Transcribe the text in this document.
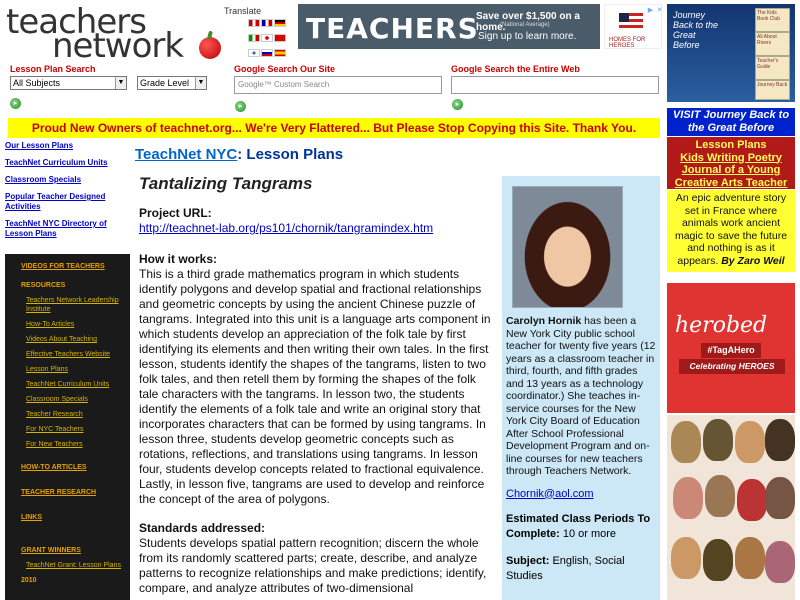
teachers
network
Translate

TEACHERS
Save over $1,500 on a home.
(National Average)
Sign up to learn more.	HOMES FOR HEROES
▶ ✕
Lesson Plan Search
All Subjects	▼	Grade Level	▼
▸
Google Search Our Site
Google™ Custom Search
▸
Google Search the Entire Web
▸
Proud New Owners of teachnet.org... We're Very Flattered... But Please Stop Copying this Site. Thank You.
Our Lesson Plans
TeachNet Curriculum Units
Classroom Specials
Popular Teacher Designed Activities
TeachNet NYC Directory of Lesson Plans
VIDEOS FOR TEACHERS
RESOURCES
Teachers Network Leadership Institute
How-To Articles
Videos About Teaching
Effective Teachers Website
Lesson Plans
TeachNet Curriculum Units
Classroom Specials
Teacher Research
For NYC Teachers
For New Teachers
HOW-TO ARTICLES
TEACHER RESEARCH
LINKS
GRANT WINNERS
TeachNet Grant: Lesson Plans
2010
TeachNet NYC: Lesson Plans
Tantalizing Tangrams
Project URL:
http://teachnet-lab.org/ps101/chornik/tangramindex.htm
How it works:
This is a third grade mathematics program in which students identify polygons and develop spatial and fractional relationships and geometric concepts by using the ancient Chinese puzzle of tangrams. Integrated into this unit is a language arts component in which students develop an appreciation of the folk tale by first identifying its elements and then writing their own tales. In the first lesson, students identify the shapes of the tangrams, listen to two folk tales, and then retell them by forming the shapes of the folk tale characters with the tangrams. In lesson two, the students identify the elements of a folk tale and write an original story that incorporates characters that can be formed by using tangrams. In lesson three, students develop geometric concepts such as rotations, reflections, and translations using tangrams. In lesson four, students develop concepts related to fractional equivalence. Lastly, in lesson five, tangrams are used to develop and reinforce the concept of the area of polygons.
Standards addressed:
Students develops spatial pattern recognition; discern the whole from its randomly scattered parts; create, describe, and analyze patterns to recognize relationships and make predictions; identify, compare, and analyze attributes of two-dimensional
Carolyn Hornik has been a New York City public school teacher for twenty five years (12 years as a classroom teacher in third, fourth, and fifth grades and 13 years as a technology coordinator.) She teaches in-service courses for the New York City Board of Education After School Professional Development Program and on-line courses for new teachers through Teachers Network.
Chornik@aol.com
Estimated Class Periods To Complete: 10 or more
Subject: English, Social Studies
Journey Back to the Great Before
The Kids Book Club
All About Rivers
Teacher's Guide
Journey Back
VISIT Journey Back to the Great Before
Lesson Plans
Kids Writing Poetry
Journal of a Young Creative Arts Teacher
An epic adventure story set in France where animals work ancient magic to save the future and nothing is as it appears. By Zaro Weil
herobed
#TagAHero
Celebrating HEROES
